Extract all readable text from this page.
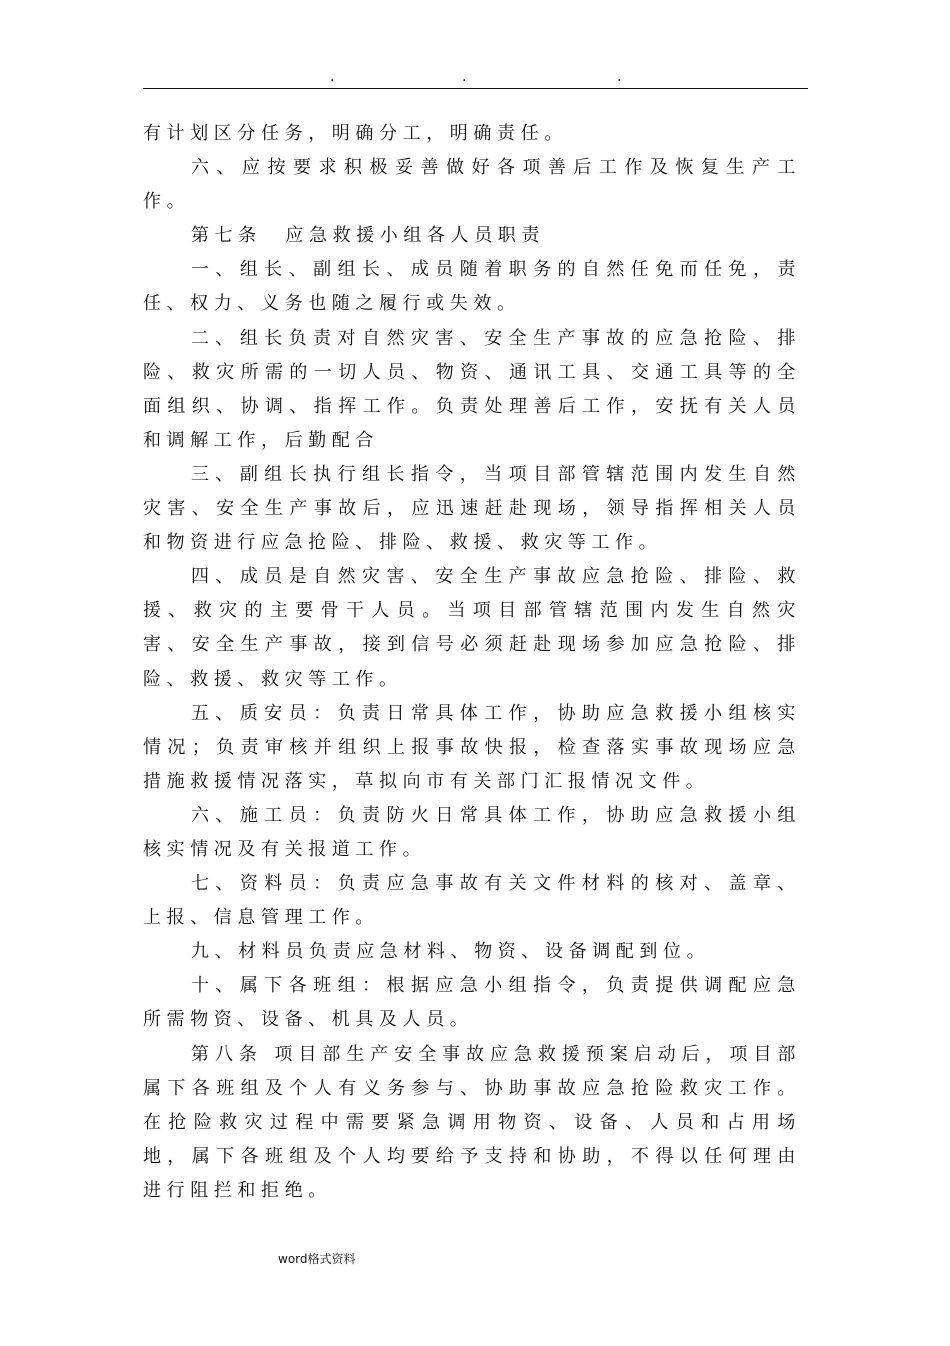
.	.	.

有计划区分任务，明确分工，明确责任。

六、应按要求积极妥善做好各项善后工作及恢复生产工作。

第七条　应急救援小组各人员职责

一、组长、副组长、成员随着职务的自然任免而任免，责任、权力、义务也随之履行或失效。

二、组长负责对自然灾害、安全生产事故的应急抢险、排险、救灾所需的一切人员、物资、通讯工具、交通工具等的全面组织、协调、指挥工作。负责处理善后工作，安抚有关人员和调解工作，后勤配合

三、副组长执行组长指令，当项目部管辖范围内发生自然灾害、安全生产事故后，应迅速赶赴现场，领导指挥相关人员和物资进行应急抢险、排险、救援、救灾等工作。

四、成员是自然灾害、安全生产事故应急抢险、排险、救援、救灾的主要骨干人员。当项目部管辖范围内发生自然灾害、安全生产事故，接到信号必须赶赴现场参加应急抢险、排险、救援、救灾等工作。

五、质安员：负责日常具体工作，协助应急救援小组核实情况；负责审核并组织上报事故快报，检查落实事故现场应急措施救援情况落实，草拟向市有关部门汇报情况文件。

六、施工员：负责防火日常具体工作，协助应急救援小组核实情况及有关报道工作。

七、资料员：负责应急事故有关文件材料的核对、盖章、上报、信息管理工作。

九、材料员负责应急材料、物资、设备调配到位。

十、属下各班组：根据应急小组指令，负责提供调配应急所需物资、设备、机具及人员。

第八条 项目部生产安全事故应急救援预案启动后，项目部属下各班组及个人有义务参与、协助事故应急抢险救灾工作。在抢险救灾过程中需要紧急调用物资、设备、人员和占用场地，属下各班组及个人均要给予支持和协助，不得以任何理由进行阻拦和拒绝。

word格式资料
